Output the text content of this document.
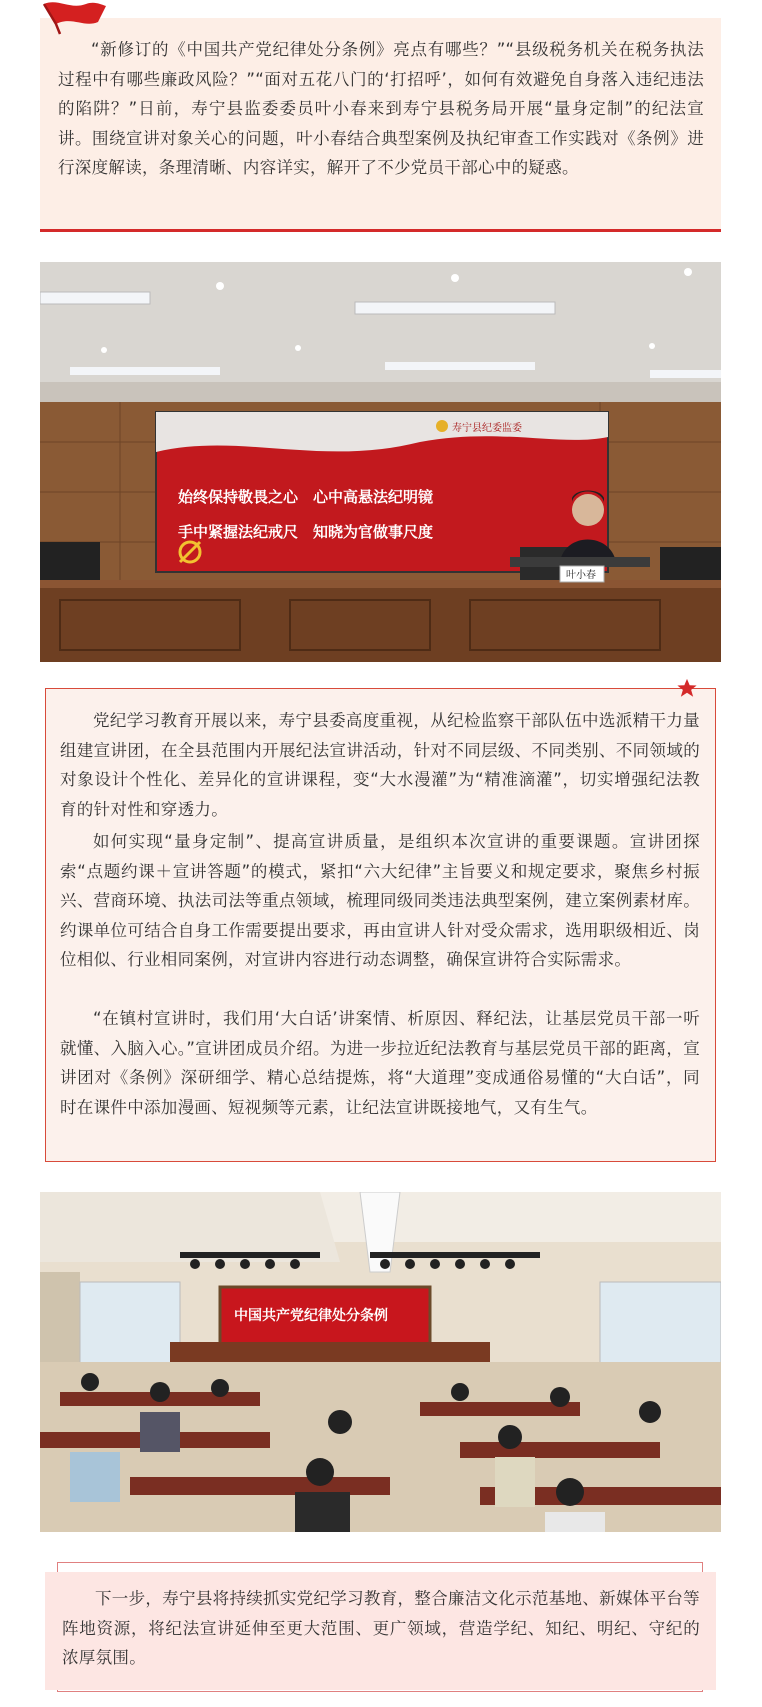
“新修订的《中国共产党纪律处分条例》亮点有哪些？”“县级税务机关在税务执法过程中有哪些廉政风险？”“面对五花八门的‘打招呼’，如何有效避免自身落入违纪违法的陷阱？”日前，寿宁县监委委员叶小春来到寿宁县税务局开展“量身定制”的纪法宣讲。围绕宣讲对象关心的问题，叶小春结合典型案例及执纪审查工作实践对《条例》进行深度解读，条理清晰、内容详实，解开了不少党员干部心中的疑惑。

寿宁县纪委监委
始终保持敬畏之心　心中高悬法纪明镜
手中紧握法纪戒尺　知晓为官做事尺度
叶小春

党纪学习教育开展以来，寿宁县委高度重视，从纪检监察干部队伍中选派精干力量组建宣讲团，在全县范围内开展纪法宣讲活动，针对不同层级、不同类别、不同领域的对象设计个性化、差异化的宣讲课程，变“大水漫灌”为“精准滴灌”，切实增强纪法教育的针对性和穿透力。

如何实现“量身定制”、提高宣讲质量，是组织本次宣讲的重要课题。宣讲团探索“点题约课＋宣讲答题”的模式，紧扣“六大纪律”主旨要义和规定要求，聚焦乡村振兴、营商环境、执法司法等重点领域，梳理同级同类违法典型案例，建立案例素材库。约课单位可结合自身工作需要提出要求，再由宣讲人针对受众需求，选用职级相近、岗位相似、行业相同案例，对宣讲内容进行动态调整，确保宣讲符合实际需求。

“在镇村宣讲时，我们用‘大白话’讲案情、析原因、释纪法，让基层党员干部一听就懂、入脑入心。”宣讲团成员介绍。为进一步拉近纪法教育与基层党员干部的距离，宣讲团对《条例》深研细学、精心总结提炼，将“大道理”变成通俗易懂的“大白话”，同时在课件中添加漫画、短视频等元素，让纪法宣讲既接地气，又有生气。

中国共产党纪律处分条例

下一步，寿宁县将持续抓实党纪学习教育，整合廉洁文化示范基地、新媒体平台等阵地资源，将纪法宣讲延伸至更大范围、更广领域，营造学纪、知纪、明纪、守纪的浓厚氛围。
